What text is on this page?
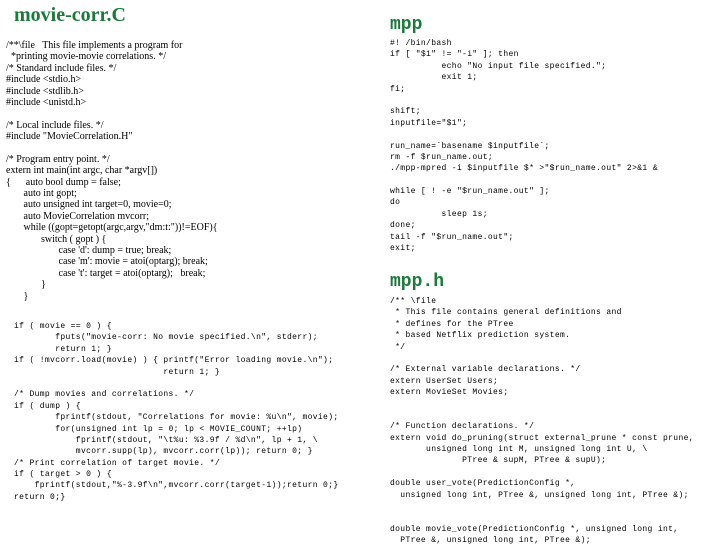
movie-corr.C	mpp
mpp.h
/**\file   This file implements a program for
*printing movie-movie correlations. */
/* Standard include files. */
#include <stdio.h>
#include <stdlib.h>
#include <unistd.h>
/* Local include files. */
#include "MovieCorrelation.H"
/* Program entry point. */
extern int main(int argc, char *argv[])
{      auto bool dump = false;
auto int gopt;
auto unsigned int target=0, movie=0;
auto MovieCorrelation mvcorr;
while ((gopt=getopt(argc,argv,"dm:t:"))!=EOF){
switch ( gopt ) {
case 'd': dump = true; break;
case 'm': movie = atoi(optarg); break;
case 't': target = atoi(optarg);   break;
}
}
if ( movie == 0 ) {
fputs("movie-corr: No movie specified.\n", stderr);
return 1; }
if ( !mvcorr.load(movie) ) { printf("Error loading movie.\n");
return 1; }
/* Dump movies and correlations. */
if ( dump ) {
fprintf(stdout, "Correlations for movie: %u\n", movie);
for(unsigned int lp = 0; lp < MOVIE_COUNT; ++lp)
fprintf(stdout, "\t%u: %3.9f / %d\n", lp + 1, \
mvcorr.supp(lp), mvcorr.corr(lp)); return 0; }
/* Print correlation of target movie. */
if ( target > 0 ) {
fprintf(stdout,"%-3.9f\n",mvcorr.corr(target-1));return 0;}
return 0;}
#! /bin/bash
if [ "$1" != "-i" ]; then
echo "No input file specified.";
exit 1;
fi;
shift;
inputfile="$1";
run_name=`basename $inputfile`;
rm -f $run_name.out;
./mpp-mpred -i $inputfile $* >"$run_name.out" 2>&1 &
while [ ! -e "$run_name.out" ];
do
sleep 1s;
done;
tail -f "$run_name.out";
exit;
/** \file
* This file contains general definitions and
* defines for the PTree
* based Netflix prediction system.
*/
/* External variable declarations. */
extern UserSet Users;
extern MovieSet Movies;
/* Function declarations. */
extern void do_pruning(struct external_prune * const prune,
unsigned long int M, unsigned long int U, \
PTree & supM, PTree & supU);
double user_vote(PredictionConfig *,
unsigned long int, PTree &, unsigned long int, PTree &);
double movie_vote(PredictionConfig *, unsigned long int,
PTree &, unsigned long int, PTree &);
